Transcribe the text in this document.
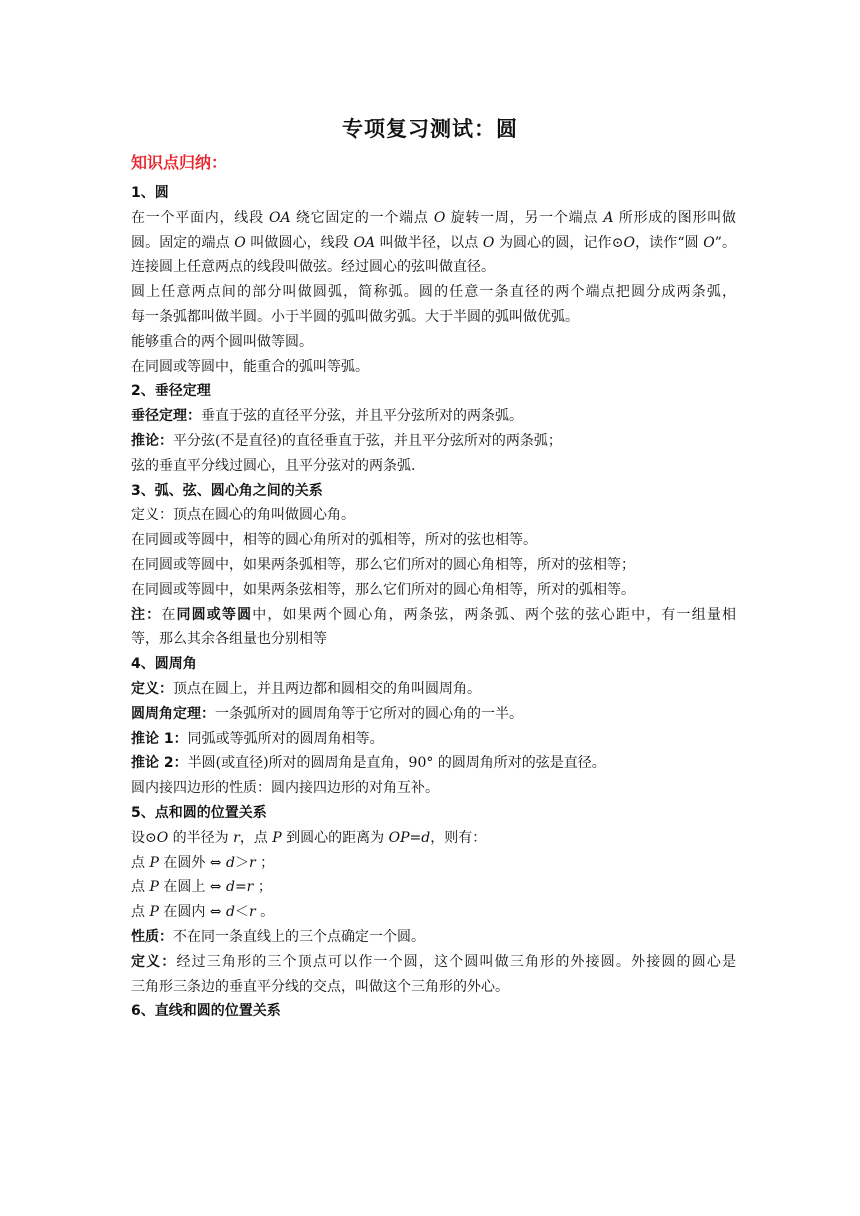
专项复习测试：圆
知识点归纳：
1、圆
在一个平面内，线段 OA 绕它固定的一个端点 O 旋转一周，另一个端点 A 所形成的图形叫做
圆。固定的端点 O 叫做圆心，线段 OA 叫做半径，以点 O 为圆心的圆，记作⊙O，读作“圆 O”。
连接圆上任意两点的线段叫做弦。经过圆心的弦叫做直径。
圆上任意两点间的部分叫做圆弧，简称弧。圆的任意一条直径的两个端点把圆分成两条弧，
每一条弧都叫做半圆。小于半圆的弧叫做劣弧。大于半圆的弧叫做优弧。
能够重合的两个圆叫做等圆。
在同圆或等圆中，能重合的弧叫等弧。
2、垂径定理
垂径定理：垂直于弦的直径平分弦，并且平分弦所对的两条弧。
推论：平分弦(不是直径)的直径垂直于弦，并且平分弦所对的两条弧；
弦的垂直平分线过圆心，且平分弦对的两条弧.
3、弧、弦、圆心角之间的关系
定义：顶点在圆心的角叫做圆心角。
在同圆或等圆中，相等的圆心角所对的弧相等，所对的弦也相等。
在同圆或等圆中，如果两条弧相等，那么它们所对的圆心角相等，所对的弦相等；
在同圆或等圆中，如果两条弦相等，那么它们所对的圆心角相等，所对的弧相等。
注：在同圆或等圆中，如果两个圆心角，两条弦，两条弧、两个弦的弦心距中，有一组量相
等，那么其余各组量也分别相等
4、圆周角
定义：顶点在圆上，并且两边都和圆相交的角叫圆周角。
圆周角定理：一条弧所对的圆周角等于它所对的圆心角的一半。
推论 1：同弧或等弧所对的圆周角相等。
推论 2：半圆(或直径)所对的圆周角是直角，90° 的圆周角所对的弦是直径。
圆内接四边形的性质：圆内接四边形的对角互补。
5、点和圆的位置关系
设⊙O 的半径为 r，点 P 到圆心的距离为 OP=d，则有：
点 P 在圆外 ⇔ d＞r ；
点 P 在圆上 ⇔ d=r ；
点 P 在圆内 ⇔ d＜r 。
性质：不在同一条直线上的三个点确定一个圆。
定义：经过三角形的三个顶点可以作一个圆，这个圆叫做三角形的外接圆。外接圆的圆心是
三角形三条边的垂直平分线的交点，叫做这个三角形的外心。
6、直线和圆的位置关系
